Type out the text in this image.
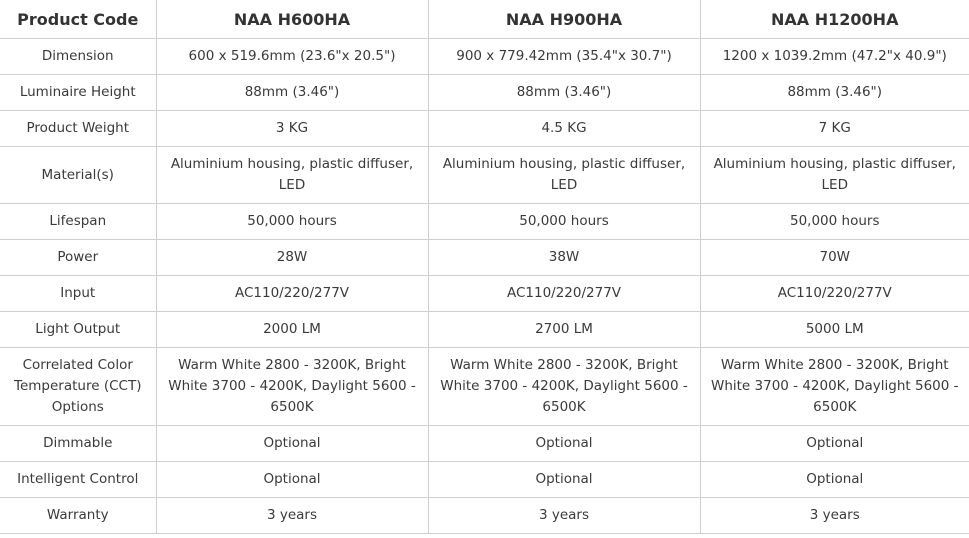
Product Code	NAA H600HA	NAA H900HA	NAA H1200HA
Dimension	600 x 519.6mm (23.6"x 20.5")	900 x 779.42mm (35.4"x 30.7")	1200 x 1039.2mm (47.2"x 40.9")
Luminaire Height	88mm (3.46")	88mm (3.46")	88mm (3.46")
Product Weight	3 KG	4.5 KG	7 KG
Material(s)	Aluminium housing, plastic diffuser, LED	Aluminium housing, plastic diffuser, LED	Aluminium housing, plastic diffuser, LED
Lifespan	50,000 hours	50,000 hours	50,000 hours
Power	28W	38W	70W
Input	AC110/220/277V	AC110/220/277V	AC110/220/277V
Light Output	2000 LM	2700 LM	5000 LM
Correlated Color Temperature (CCT) Options	Warm White 2800 - 3200K, Bright White 3700 - 4200K, Daylight 5600 - 6500K	Warm White 2800 - 3200K, Bright White 3700 - 4200K, Daylight 5600 - 6500K	Warm White 2800 - 3200K, Bright White 3700 - 4200K, Daylight 5600 - 6500K
Dimmable	Optional	Optional	Optional
Intelligent Control	Optional	Optional	Optional
Warranty	3 years	3 years	3 years
